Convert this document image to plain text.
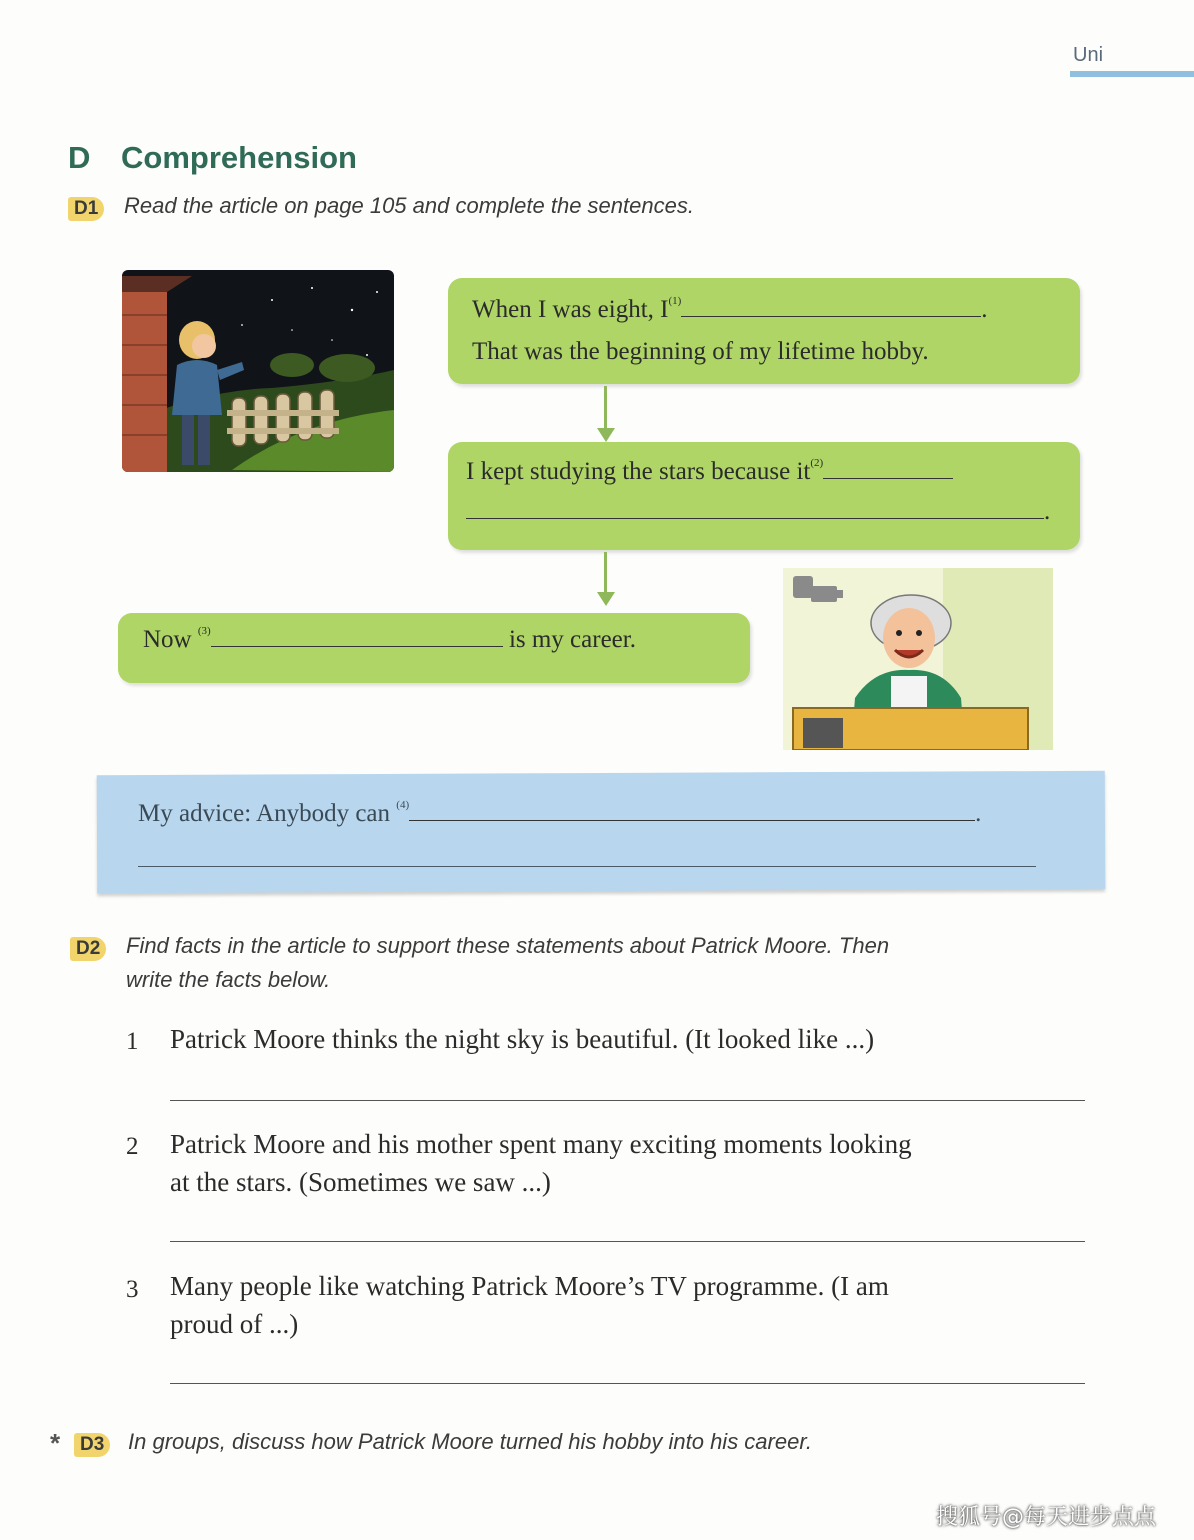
Uni
D Comprehension
D1 Read the article on page 105 and complete the sentences.
When I was eight, $I^{(1)}$	.
That was the beginning of my lifetime hobby.
I kept studying the stars because $it^{(2)}$
.
Now $^{(3)}$	is my career.
My advice: Anybody can $^{(4)}$	.
D2 Find facts in the article to support these statements about Patrick Moore. Then
write the facts below.
1 Patrick Moore thinks the night sky is beautiful. (It looked like ...)
2 Patrick Moore and his mother spent many exciting moments looking
at the stars. (Sometimes we saw ...)
3 Many people like watching Patrick Moore’s TV programme. (I am
proud of ...)
*	D3 In groups, discuss how Patrick Moore turned his hobby into his career.
搜狐号@每天进步点点
